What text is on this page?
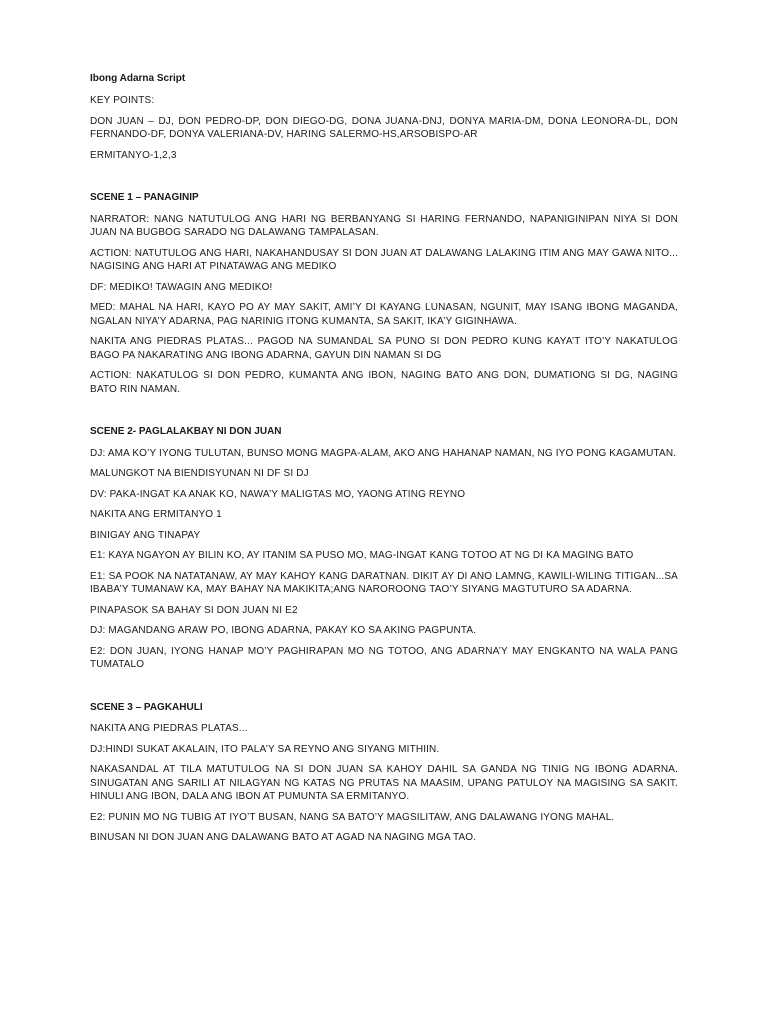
Ibong Adarna Script

KEY POINTS:

DON JUAN – DJ, DON PEDRO-DP, DON DIEGO-DG, DONA JUANA-DNJ, DONYA MARIA-DM, DONA LEONORA-DL, DON FERNANDO-DF, DONYA VALERIANA-DV, HARING SALERMO-HS,ARSOBISPO-AR

ERMITANYO-1,2,3

SCENE 1 – PANAGINIP

NARRATOR: NANG NATUTULOG ANG HARI NG BERBANYANG SI HARING FERNANDO, NAPANIGINIPAN NIYA SI DON JUAN NA BUGBOG SARADO NG DALAWANG TAMPALASAN.

ACTION: NATUTULOG ANG HARI, NAKAHANDUSAY SI DON JUAN AT DALAWANG LALAKING ITIM ANG MAY GAWA NITO... NAGISING ANG HARI AT PINATAWAG ANG MEDIKO

DF: MEDIKO! TAWAGIN ANG MEDIKO!

MED: MAHAL NA HARI, KAYO PO AY MAY SAKIT, AMI’Y DI KAYANG LUNASAN, NGUNIT, MAY ISANG IBONG MAGANDA, NGALAN NIYA’Y ADARNA, PAG NARINIG ITONG KUMANTA, SA SAKIT, IKA’Y GIGINHAWA.

NAKITA ANG PIEDRAS PLATAS... PAGOD NA SUMANDAL SA PUNO SI DON PEDRO KUNG KAYA’T ITO’Y NAKATULOG BAGO PA NAKARATING ANG IBONG ADARNA, GAYUN DIN NAMAN SI DG

ACTION: NAKATULOG SI DON PEDRO, KUMANTA ANG IBON, NAGING BATO ANG DON, DUMATIONG SI DG, NAGING BATO RIN NAMAN.

SCENE 2- PAGLALAKBAY NI DON JUAN

DJ: AMA KO’Y IYONG TULUTAN, BUNSO MONG MAGPA-ALAM, AKO ANG HAHANAP NAMAN, NG IYO PONG KAGAMUTAN.

MALUNGKOT NA BIENDISYUNAN NI DF SI DJ

DV: PAKA-INGAT KA ANAK KO, NAWA’Y MALIGTAS MO, YAONG ATING REYNO

NAKITA ANG ERMITANYO 1

BINIGAY ANG TINAPAY

E1: KAYA NGAYON AY BILIN KO, AY ITANIM SA PUSO MO, MAG-INGAT KANG TOTOO AT NG DI KA MAGING BATO

E1: SA POOK NA NATATANAW, AY MAY KAHOY KANG DARATNAN. DIKIT AY DI ANO LAMNG, KAWILI-WILING TITIGAN...SA IBABA’Y TUMANAW KA, MAY BAHAY NA MAKIKITA;ANG NAROROONG TAO’Y SIYANG MAGTUTURO SA ADARNA.

PINAPASOK SA BAHAY SI DON JUAN NI E2

DJ: MAGANDANG ARAW PO, IBONG ADARNA, PAKAY KO SA AKING PAGPUNTA.

E2: DON JUAN, IYONG HANAP MO’Y PAGHIRAPAN MO NG TOTOO, ANG ADARNA’Y MAY ENGKANTO NA WALA PANG TUMATALO

SCENE 3 – PAGKAHULI

NAKITA ANG PIEDRAS PLATAS...

DJ:HINDI SUKAT AKALAIN, ITO PALA’Y SA REYNO ANG SIYANG MITHIIN.

NAKASANDAL AT TILA MATUTULOG NA SI DON JUAN SA KAHOY DAHIL SA GANDA NG TINIG NG IBONG ADARNA. SINUGATAN ANG SARILI AT NILAGYAN NG KATAS NG PRUTAS NA MAASIM, UPANG PATULOY NA MAGISING SA SAKIT. HINULI ANG IBON, DALA ANG IBON AT PUMUNTA SA ERMITANYO.

E2: PUNIN MO NG TUBIG AT IYO’T BUSAN, NANG SA BATO’Y MAGSILITAW, ANG DALAWANG IYONG MAHAL.

BINUSAN NI DON JUAN ANG DALAWANG BATO AT AGAD NA NAGING MGA TAO.
